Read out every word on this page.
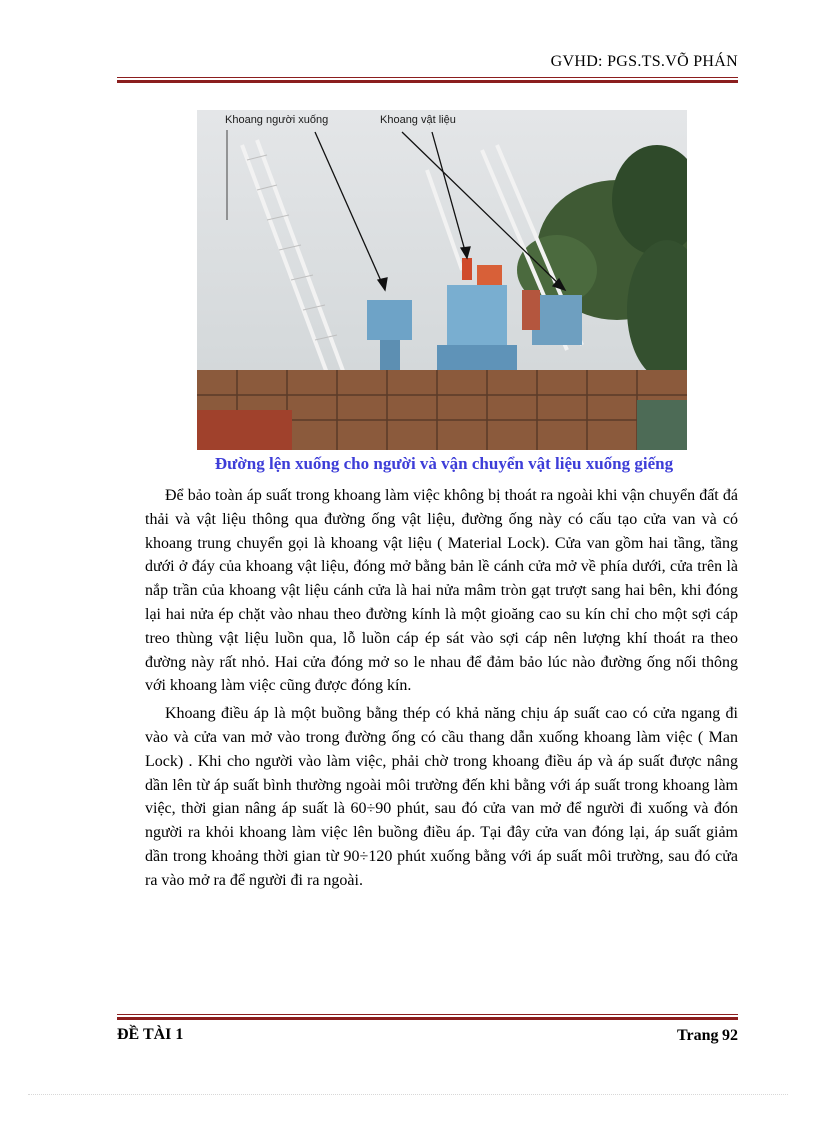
GVHD: PGS.TS.VÕ PHÁN
Khoang người xuống	Khoang vật liệu
Đường lện xuống cho người và vận chuyển vật liệu xuống giếng

Để bảo toàn áp suất trong khoang làm việc không bị thoát ra ngoài khi vận chuyển đất đá thải và vật liệu thông qua đường ống vật liệu, đường ống này có cấu tạo cửa van và có khoang trung chuyển gọi là khoang vật liệu ( Material Lock). Cửa van gồm hai tầng, tầng dưới ở đáy của khoang vật liệu, đóng mở bằng bản lề cánh cửa mở về phía dưới, cửa trên là nắp trần của khoang vật liệu cánh cửa là hai nửa mâm tròn gạt trượt sang hai bên, khi đóng lại hai nửa ép chặt vào nhau theo đường kính là một gioăng cao su kín chỉ cho một sợi cáp treo thùng vật liệu luồn qua, lỗ luồn cáp ép sát vào sợi cáp nên lượng khí thoát ra theo đường này rất nhỏ. Hai cửa đóng mở so le nhau để đảm bảo lúc nào đường ống nối thông với khoang làm việc cũng được đóng kín.

Khoang điều áp là một buồng bằng thép có khả năng chịu áp suất cao có cửa ngang đi vào và cửa van mở vào trong đường ống có cầu thang dẫn xuống khoang làm việc ( Man Lock) . Khi cho người vào làm việc, phải chờ trong khoang điều áp và áp suất được nâng dần lên từ áp suất bình thường ngoài môi trường đến khi bằng với áp suất trong khoang làm việc, thời gian nâng áp suất là 60÷90 phút, sau đó cửa van mở để người đi xuống và đón người ra khỏi khoang làm việc lên buồng điều áp. Tại đây cửa van đóng lại, áp suất giảm dần trong khoảng thời gian từ 90÷120 phút xuống bằng với áp suất môi trường, sau đó cửa ra vào mở ra để người đi ra ngoài.

ĐỀ TÀI 1	Trang 92
